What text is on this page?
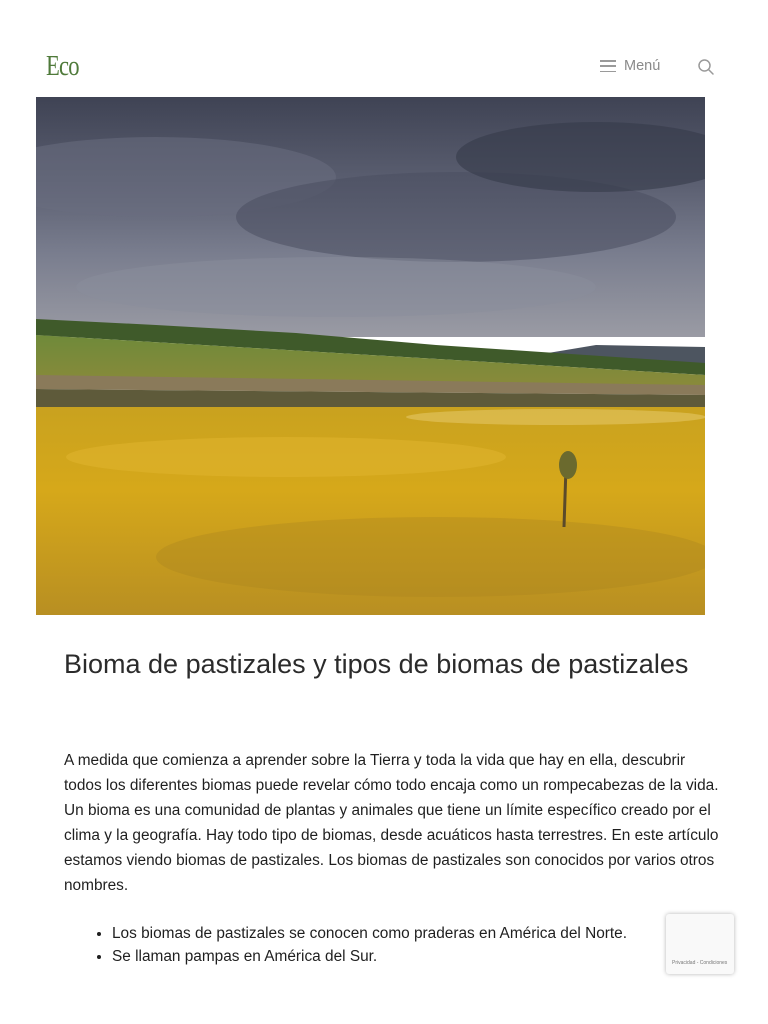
Eco	Menú
Bioma de pastizales y tipos de biomas de pastizales

A medida que comienza a aprender sobre la Tierra y toda la vida que hay en ella, descubrir todos los diferentes biomas puede revelar cómo todo encaja como un rompecabezas de la vida. Un bioma es una comunidad de plantas y animales que tiene un límite específico creado por el clima y la geografía. Hay todo tipo de biomas, desde acuáticos hasta terrestres. En este artículo estamos viendo biomas de pastizales. Los biomas de pastizales son conocidos por varios otros nombres.

• Los biomas de pastizales se conocen como praderas en América del Norte.
• Se llaman pampas en América del Sur.	Privacidad - Condiciones
